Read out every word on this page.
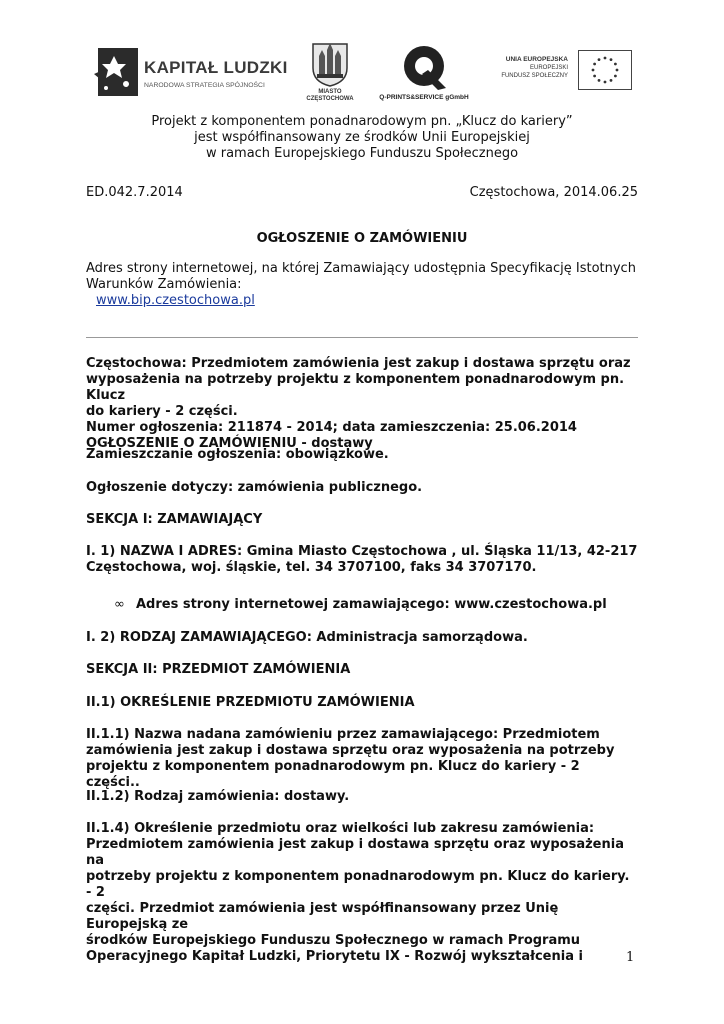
KAPITAŁ LUDZKI
NARODOWA STRATEGIA SPÓJNOŚCI
MIASTO
CZĘSTOCHOWA	Q-PRINTS&SERVICE gGmbH
UNIA EUROPEJSKA
EUROPEJSKI
FUNDUSZ SPOŁECZNY
Projekt z komponentem ponadnarodowym pn. „Klucz do kariery”
jest współfinansowany ze środków Unii Europejskiej
w ramach Europejskiego Funduszu Społecznego
ED.042.7.2014	Częstochowa, 2014.06.25
OGŁOSZENIE O ZAMÓWIENIU
Adres strony internetowej, na której Zamawiający udostępnia Specyfikację Istotnych
Warunków Zamówienia:
www.bip.czestochowa.pl
Częstochowa: Przedmiotem zamówienia jest zakup i dostawa sprzętu oraz
wyposażenia na potrzeby projektu z komponentem ponadnarodowym pn. Klucz
do kariery - 2 części.
Numer ogłoszenia: 211874 - 2014; data zamieszczenia: 25.06.2014
OGŁOSZENIE O ZAMÓWIENIU - dostawy
Zamieszczanie ogłoszenia: obowiązkowe.
Ogłoszenie dotyczy: zamówienia publicznego.
SEKCJA I: ZAMAWIAJĄCY
I. 1) NAZWA I ADRES: Gmina Miasto Częstochowa , ul. Śląska 11/13, 42-217
Częstochowa, woj. śląskie, tel. 34 3707100, faks 34 3707170.
∞ Adres strony internetowej zamawiającego: www.czestochowa.pl
I. 2) RODZAJ ZAMAWIAJĄCEGO: Administracja samorządowa.
SEKCJA II: PRZEDMIOT ZAMÓWIENIA
II.1) OKREŚLENIE PRZEDMIOTU ZAMÓWIENIA
II.1.1) Nazwa nadana zamówieniu przez zamawiającego: Przedmiotem
zamówienia jest zakup i dostawa sprzętu oraz wyposażenia na potrzeby
projektu z komponentem ponadnarodowym pn. Klucz do kariery - 2 części..
II.1.2) Rodzaj zamówienia: dostawy.
II.1.4) Określenie przedmiotu oraz wielkości lub zakresu zamówienia:
Przedmiotem zamówienia jest zakup i dostawa sprzętu oraz wyposażenia na
potrzeby projektu z komponentem ponadnarodowym pn. Klucz do kariery. - 2
części. Przedmiot zamówienia jest współfinansowany przez Unię Europejską ze
środków Europejskiego Funduszu Społecznego w ramach Programu
Operacyjnego Kapitał Ludzki, Priorytetu IX - Rozwój wykształcenia i	1
